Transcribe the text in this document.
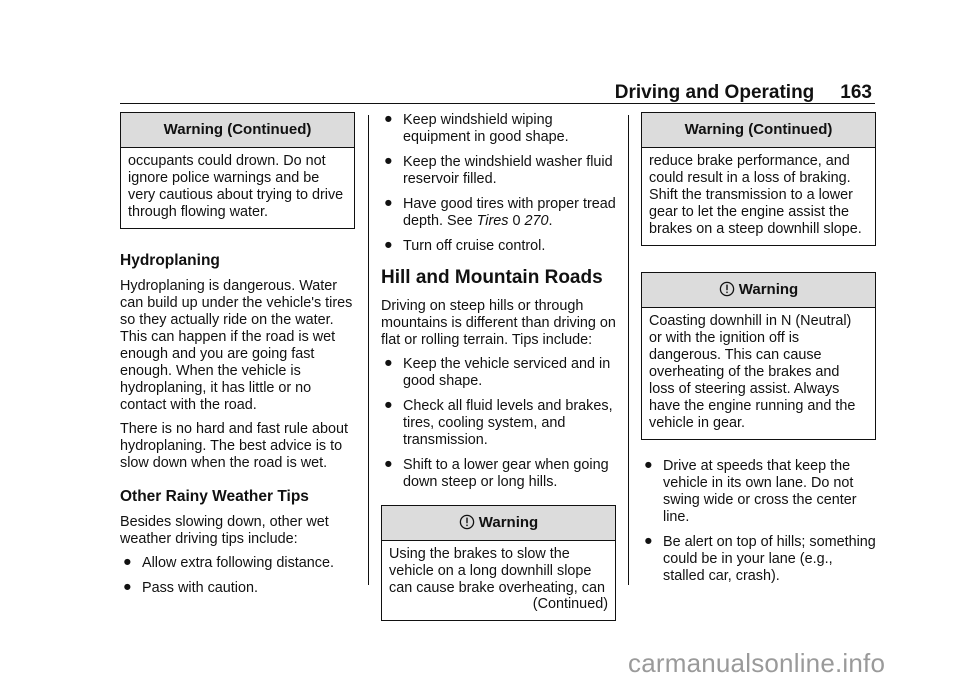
Driving and Operating 163
Warning (Continued)
occupants could drown. Do not
ignore police warnings and be
very cautious about trying to drive
through flowing water.
Hydroplaning

Hydroplaning is dangerous. Water can build up under the vehicle's tires so they actually ride on the water. This can happen if the road is wet enough and you are going fast enough. When the vehicle is hydroplaning, it has little or no contact with the road.

There is no hard and fast rule about hydroplaning. The best advice is to slow down when the road is wet.

Other Rainy Weather Tips

Besides slowing down, other wet weather driving tips include:

● Allow extra following distance.
● Pass with caution.
● Keep windshield wiping equipment in good shape.
● Keep the windshield washer fluid reservoir filled.
● Have good tires with proper tread depth. See Tires 0 270.
● Turn off cruise control.
Hill and Mountain Roads

Driving on steep hills or through mountains is different than driving on flat or rolling terrain. Tips include:

● Keep the vehicle serviced and in good shape.
● Check all fluid levels and brakes, tires, cooling system, and transmission.
● Shift to a lower gear when going down steep or long hills.
Warning
Using the brakes to slow the
vehicle on a long downhill slope
can cause brake overheating, can
(Continued)
Warning (Continued)
reduce brake performance, and
could result in a loss of braking.
Shift the transmission to a lower
gear to let the engine assist the
brakes on a steep downhill slope.
Warning
Coasting downhill in N (Neutral)
or with the ignition off is
dangerous. This can cause
overheating of the brakes and
loss of steering assist. Always
have the engine running and the
vehicle in gear.
● Drive at speeds that keep the vehicle in its own lane. Do not swing wide or cross the center line.
● Be alert on top of hills; something could be in your lane (e.g., stalled car, crash).
carmanualsonline.info
